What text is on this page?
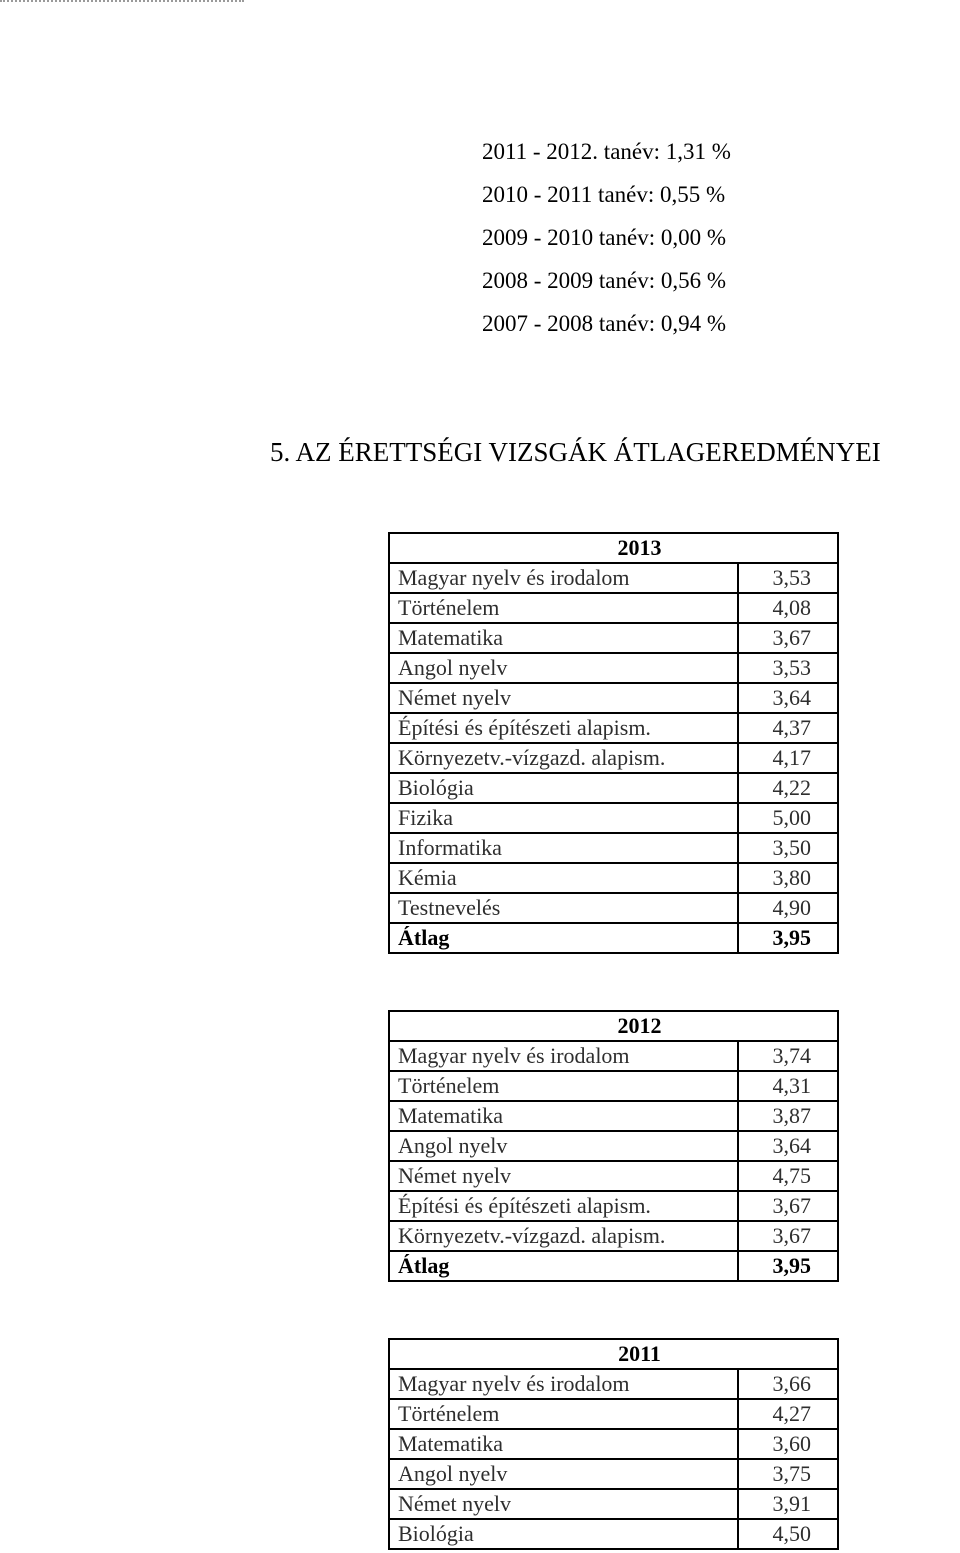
2011 - 2012. tanév: 1,31 %
2010 - 2011 tanév: 0,55 %
2009 - 2010 tanév: 0,00 %
2008 - 2009 tanév: 0,56 %
2007 - 2008 tanév: 0,94 %
5. AZ ÉRETTSÉGI VIZSGÁK ÁTLAGEREDMÉNYEI
2013	
Magyar nyelv és irodalom	3,53
Történelem	4,08
Matematika	3,67
Angol nyelv	3,53
Német nyelv	3,64
Építési és építészeti alapism.	4,37
Környezetv.-vízgazd. alapism.	4,17
Biológia	4,22
Fizika	5,00
Informatika	3,50
Kémia	3,80
Testnevelés	4,90
Átlag	3,95
2012	
Magyar nyelv és irodalom	3,74
Történelem	4,31
Matematika	3,87
Angol nyelv	3,64
Német nyelv	4,75
Építési és építészeti alapism.	3,67
Környezetv.-vízgazd. alapism.	3,67
Átlag	3,95
2011	
Magyar nyelv és irodalom	3,66
Történelem	4,27
Matematika	3,60
Angol nyelv	3,75
Német nyelv	3,91
Biológia	4,50
